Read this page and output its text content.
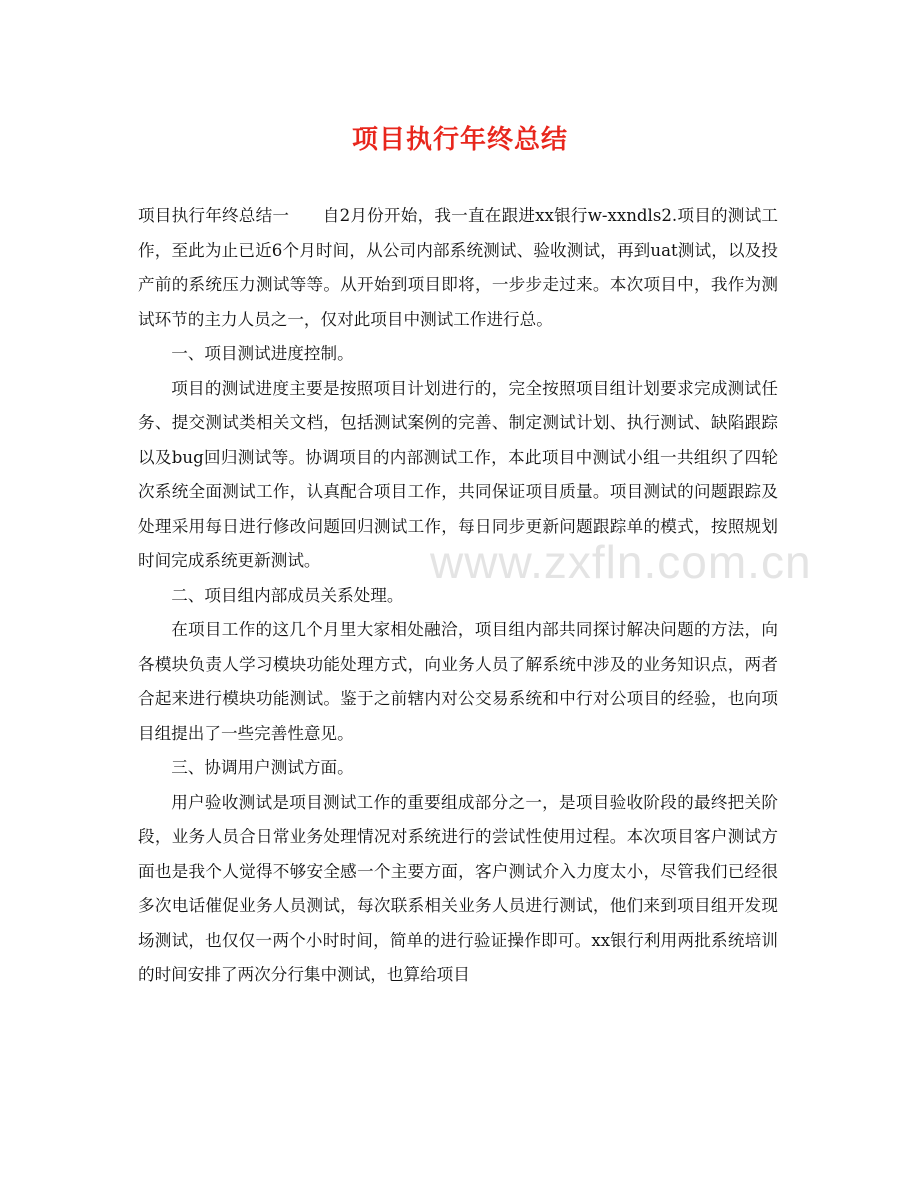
项目执行年终总结

项目执行年终总结一　　自2月份开始，我一直在跟进xx银行w-xxndls2.项目的测试工作，至此为止已近6个月时间，从公司内部系统测试、验收测试，再到uat测试，以及投产前的系统压力测试等等。从开始到项目即将，一步步走过来。本次项目中，我作为测试环节的主力人员之一，仅对此项目中测试工作进行总。

一、项目测试进度控制。

项目的测试进度主要是按照项目计划进行的，完全按照项目组计划要求完成测试任务、提交测试类相关文档，包括测试案例的完善、制定测试计划、执行测试、缺陷跟踪以及bug回归测试等。协调项目的内部测试工作，本此项目中测试小组一共组织了四轮次系统全面测试工作，认真配合项目工作，共同保证项目质量。项目测试的问题跟踪及处理采用每日进行修改问题回归测试工作，每日同步更新问题跟踪单的模式，按照规划时间完成系统更新测试。

二、项目组内部成员关系处理。

在项目工作的这几个月里大家相处融洽，项目组内部共同探讨解决问题的方法，向各模块负责人学习模块功能处理方式，向业务人员了解系统中涉及的业务知识点，两者合起来进行模块功能测试。鉴于之前辖内对公交易系统和中行对公项目的经验，也向项目组提出了一些完善性意见。

三、协调用户测试方面。

用户验收测试是项目测试工作的重要组成部分之一，是项目验收阶段的最终把关阶段，业务人员合日常业务处理情况对系统进行的尝试性使用过程。本次项目客户测试方面也是我个人觉得不够安全感一个主要方面，客户测试介入力度太小，尽管我们已经很多次电话催促业务人员测试，每次联系相关业务人员进行测试，他们来到项目组开发现场测试，也仅仅一两个小时时间，简单的进行验证操作即可。xx银行利用两批系统培训的时间安排了两次分行集中测试，也算给项目

www.zxfln.com.cn
